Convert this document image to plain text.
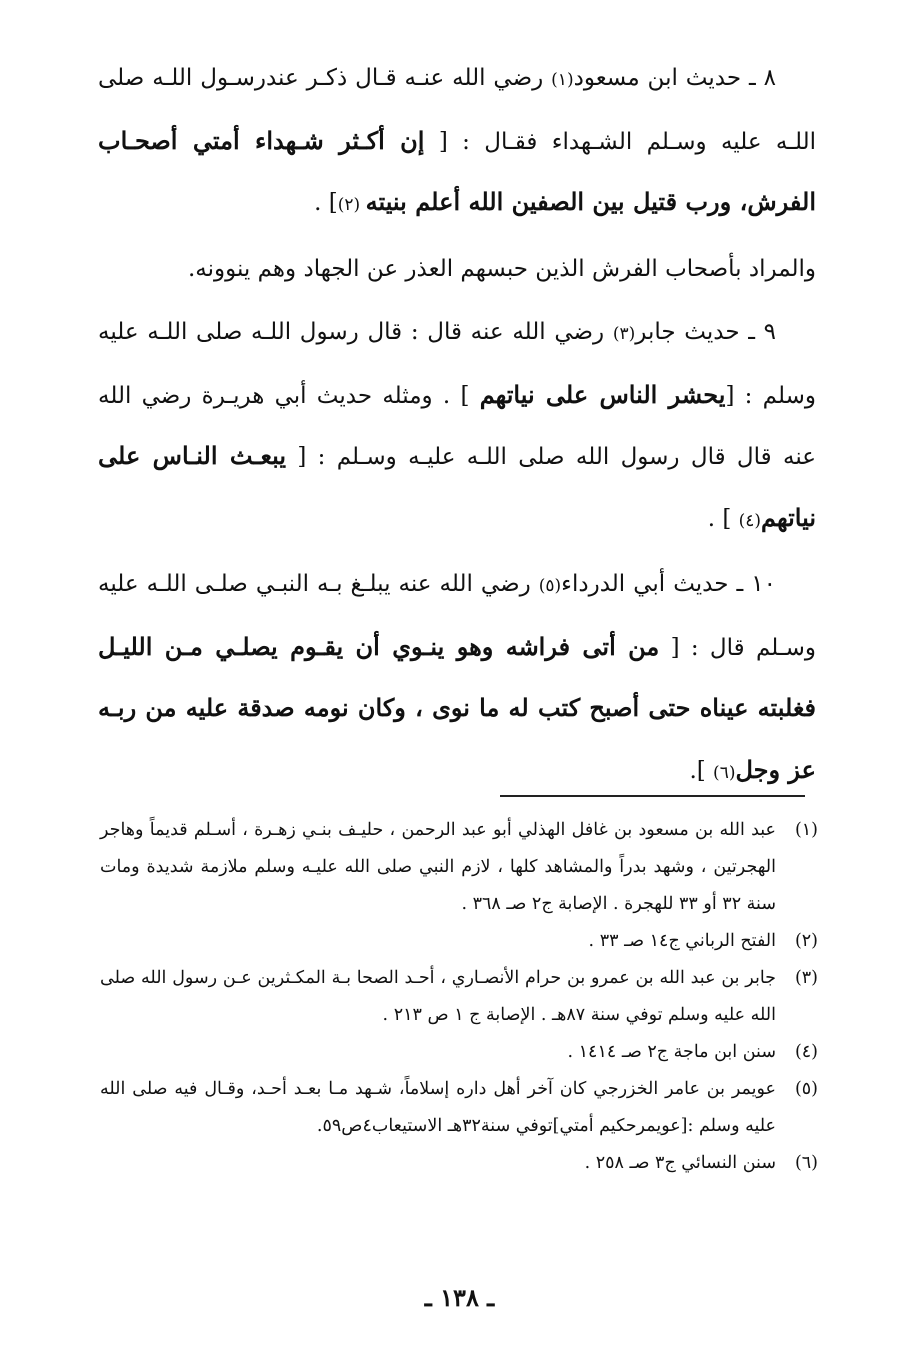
٨ ـ حديث ابن مسعود(١) رضي الله عنـه قـال ذكـر عندرسـول اللـه صلى اللـه عليه وسـلم الشـهداء فقـال : [ إن أكـثر شـهداء أمتي أصحـاب الفرش، ورب قتيل بين الصفين الله أعلم بنيته (٢)] .

والمراد بأصحاب الفرش الذين حبسهم العذر عن الجهاد وهم ينوونه.

٩ ـ حديث جابر(٣) رضي الله عنه قال : قال رسول اللـه صلى اللـه عليه وسلم : [يحشر الناس على نياتهم ] . ومثله حديث أبي هريـرة رضي الله عنه قال قال رسول الله صلى اللـه عليـه وسـلم : [ يبعـث النـاس على نياتهم(٤) ] .

١٠ ـ حديث أبي الدرداء(٥) رضي الله عنه يبلـغ بـه النبـي صلـى اللـه عليه وسـلم قال : [ من أتى فراشه وهو ينـوي أن يقـوم يصلـي مـن الليـل فغلبته عيناه حتى أصبح كتب له ما نوى ، وكان نومه صدقة عليه من ربـه عز وجل(٦) ].

(١)
عبد الله بن مسعود بن غافل الهذلي أبو عبد الرحمن ، حليـف بنـي زهـرة ، أسـلم قديماً وهاجر الهجرتين ، وشهد بدراً والمشاهد كلها ، لازم النبي صلى الله عليـه وسلم ملازمة شديدة ومات سنة ٣٢ أو ٣٣ للهجرة . الإصابة ج٢ صـ ٣٦٨ .
(٢)
الفتح الرباني ج١٤ صـ ٣٣ .
(٣)
جابر بن عبد الله بن عمرو بن حرام الأنصـاري ، أحـد الصحا بـة المكـثرين عـن رسول الله صلى الله عليه وسلم توفي سنة ٨٧هـ . الإصابة ج ١ ص ٢١٣ .
(٤)
سنن ابن ماجة ج٢ صـ ١٤١٤ .
(٥)
عويمر بن عامر الخزرجي كان آخر أهل داره إسلاماً، شـهد مـا بعـد أحـد، وقـال فيه صلى الله عليه وسلم :[عويمرحكيم أمتي]توفي سنة٣٢هـ الاستيعاب٤ص٥٩.
(٦)
سنن النسائي ج٣ صـ ٢٥٨ .
ـ ١٣٨ ـ
